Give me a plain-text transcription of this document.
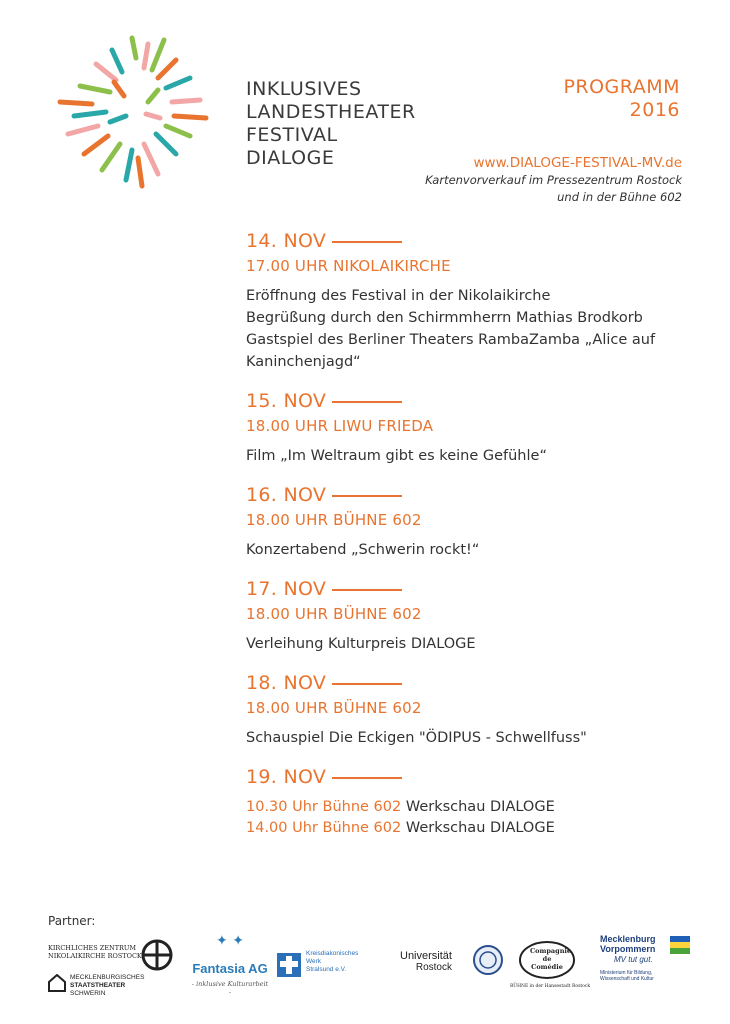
INKLUSIVES
LANDESTHEATER
FESTIVAL
DIALOGE
PROGRAMM
2016
www.DIALOGE-FESTIVAL-MV.de
Kartenvorverkauf im Pressezentrum Rostock
und in der Bühne 602
14. NOV
17.00 UHR NIKOLAIKIRCHE
Eröffnung des Festival in der Nikolaikirche
Begrüßung durch den Schirmmherrn Mathias Brodkorb
Gastspiel des Berliner Theaters RambaZamba „Alice auf Kaninchenjagd“
15. NOV
18.00 UHR LIWU FRIEDA
Film „Im Weltraum gibt es keine Gefühle“
16. NOV
18.00 UHR BÜHNE 602
Konzertabend „Schwerin rockt!“
17. NOV
18.00 UHR BÜHNE 602
Verleihung Kulturpreis DIALOGE
18. NOV
18.00 UHR BÜHNE 602
Schauspiel Die Eckigen "ÖDIPUS - Schwellfuss"
19. NOV
10.30 Uhr Bühne 602 Werkschau DIALOGE
14.00 Uhr Bühne 602 Werkschau DIALOGE
Partner:
KIRCHLICHES ZENTRUM
NIKOLAIKIRCHE ROSTOCK
MECKLENBURGISCHES
STAATSTHEATER
SCHWERIN
✦ ✦
Fantasia AG
- inklusive Kulturarbeit -
Kreisdiakonisches
Werk
Stralsund e.V.
Universität
Rostock
Compagnie
de
Comédie
BÜHNE in der Hansestadt Rostock
Mecklenburg
Vorpommern
MV tut gut.
Ministerium für Bildung,
Wissenschaft und Kultur
